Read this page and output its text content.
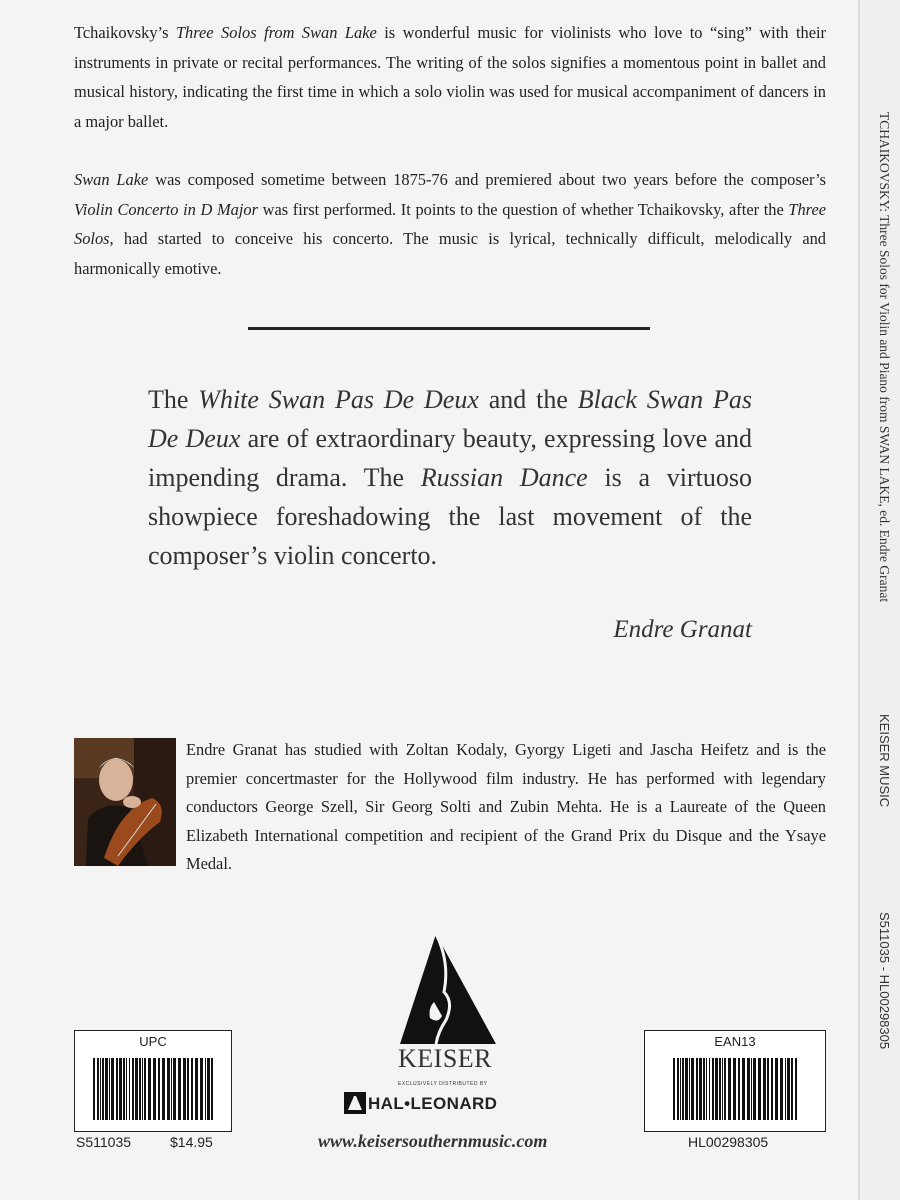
Tchaikovsky’s Three Solos from Swan Lake is wonderful music for violinists who love to “sing” with their instruments in private or recital performances. The writing of the solos signifies a momentous point in ballet and musical history, indicating the first time in which a solo violin was used for musical accompaniment of dancers in a major ballet.

Swan Lake was composed sometime between 1875-76 and premiered about two years before the composer’s Violin Concerto in D Major was first performed. It points to the question of whether Tchaikovsky, after the Three Solos, had started to conceive his concerto. The music is lyrical, technically difficult, melodically and harmonically emotive.

The White Swan Pas De Deux and the Black Swan Pas De Deux are of extraordinary beauty, expressing love and impending drama. The Russian Dance is a virtuoso showpiece foreshadowing the last movement of the composer’s violin concerto.

Endre Granat

Endre Granat has studied with Zoltan Kodaly, Gyorgy Ligeti and Jascha Heifetz and is the premier concertmaster for the Hollywood film industry. He has performed with legendary conductors George Szell, Sir Georg Solti and Zubin Mehta. He is a Laureate of the Queen Elizabeth International competition and recipient of the Grand Prix du Disque and the Ysaye Medal.

KEISER
EXCLUSIVELY DISTRIBUTED BY
HAL•LEONARD
www.keisersouthernmusic.com
UPC
S511035	$14.95
EAN13
HL00298305
TCHAIKOVSKY: Three Solos for Violin and Piano from SWAN LAKE, ed. Endre Granat
KEISER MUSIC
S511035 - HL00298305
